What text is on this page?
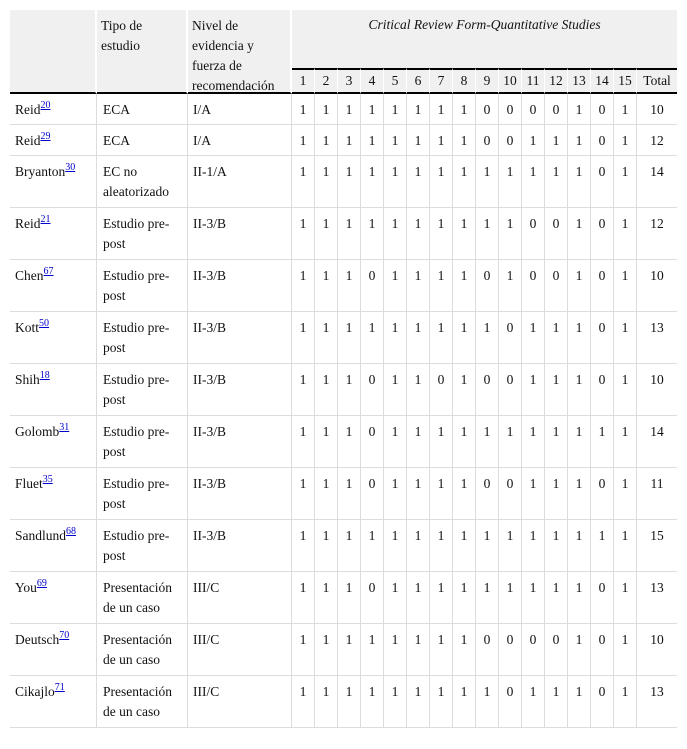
	Tipo de estudio	Nivel de evidencia y fuerza de recomendación	Critical Review Form-Quantitative Studies															

			1	2	3	4	5	6	7	8	9	10	11	12	13	14	15	Total
Reid$^{20}$	ECA	I/A	1	1	1	1	1	1	1	1	0	0	0	0	1	0	1	10
Reid$^{29}$	ECA	I/A	1	1	1	1	1	1	1	1	0	0	1	1	1	0	1	12
Bryanton$^{30}$	EC no aleatorizado	II-1/A	1	1	1	1	1	1	1	1	1	1	1	1	1	0	1	14
Reid$^{21}$	Estudio pre-post	II-3/B	1	1	1	1	1	1	1	1	1	1	0	0	1	0	1	12
Chen$^{67}$	Estudio pre-post	II-3/B	1	1	1	0	1	1	1	1	0	1	0	0	1	0	1	10
Kott$^{50}$	Estudio pre-post	II-3/B	1	1	1	1	1	1	1	1	1	0	1	1	1	0	1	13
Shih$^{18}$	Estudio pre-post	II-3/B	1	1	1	0	1	1	0	1	0	0	1	1	1	0	1	10
Golomb$^{31}$	Estudio pre-post	II-3/B	1	1	1	0	1	1	1	1	1	1	1	1	1	1	1	14
Fluet$^{35}$	Estudio pre-post	II-3/B	1	1	1	0	1	1	1	1	0	0	1	1	1	0	1	11
Sandlund$^{68}$	Estudio pre-post	II-3/B	1	1	1	1	1	1	1	1	1	1	1	1	1	1	1	15
You$^{69}$	Presentación de un caso	III/C	1	1	1	0	1	1	1	1	1	1	1	1	1	0	1	13
Deutsch$^{70}$	Presentación de un caso	III/C	1	1	1	1	1	1	1	1	0	0	0	0	1	0	1	10
Cikajlo$^{71}$	Presentación de un caso	III/C	1	1	1	1	1	1	1	1	1	0	1	1	1	0	1	13
